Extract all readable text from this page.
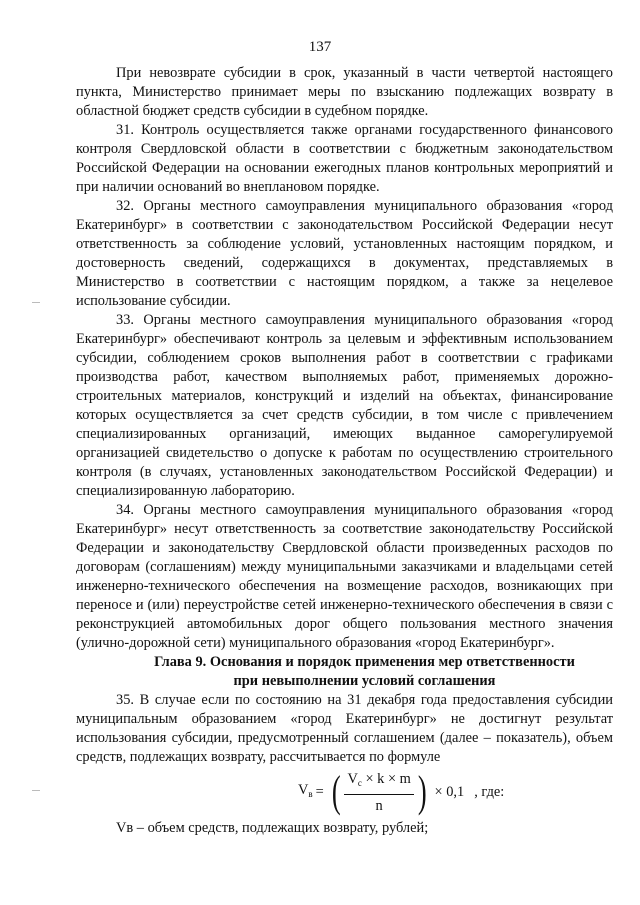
137

При невозврате субсидии в срок, указанный в части четвертой настоящего пункта, Министерство принимает меры по взысканию подлежащих возврату в областной бюджет средств субсидии в судебном порядке.

31. Контроль осуществляется также органами государственного финансового контроля Свердловской области в соответствии с бюджетным законодательством Российской Федерации на основании ежегодных планов контрольных мероприятий и при наличии оснований во внеплановом порядке.

32. Органы местного самоуправления муниципального образования «город Екатеринбург» в соответствии с законодательством Российской Федерации несут ответственность за соблюдение условий, установленных настоящим порядком, и достоверность сведений, содержащихся в документах, представляемых в Министерство в соответствии с настоящим порядком, а также за нецелевое использование субсидии.

33. Органы местного самоуправления муниципального образования «город Екатеринбург» обеспечивают контроль за целевым и эффективным использованием субсидии, соблюдением сроков выполнения работ в соответствии с графиками производства работ, качеством выполняемых работ, применяемых дорожно-строительных материалов, конструкций и изделий на объектах, финансирование которых осуществляется за счет средств субсидии, в том числе с привлечением специализированных организаций, имеющих выданное саморегулируемой организацией свидетельство о допуске к работам по осуществлению строительного контроля (в случаях, установленных законодательством Российской Федерации) и специализированную лабораторию.

34. Органы местного самоуправления муниципального образования «город Екатеринбург» несут ответственность за соответствие законодательству Российской Федерации и законодательству Свердловской области произведенных расходов по договорам (соглашениям) между муниципальными заказчиками и владельцами сетей инженерно-технического обеспечения на возмещение расходов, возникающих при переносе и (или) переустройстве сетей инженерно-технического обеспечения в связи с реконструкцией автомобильных дорог общего пользования местного значения (улично-дорожной сети) муниципального образования «город Екатеринбург».

Глава 9. Основания и порядок применения мер ответственности
при невыполнении условий соглашения

35. В случае если по состоянию на 31 декабря года предоставления субсидии муниципальным образованием «город Екатеринбург» не достигнут результат использования субсидии, предусмотренный соглашением (далее – показатель), объем средств, подлежащих возврату, рассчитывается по формуле

$V_в$ = ( $\frac{V_c \times k \times m}{n}$ ) × 0,1 , где:

Vв – объем средств, подлежащих возврату, рублей;
